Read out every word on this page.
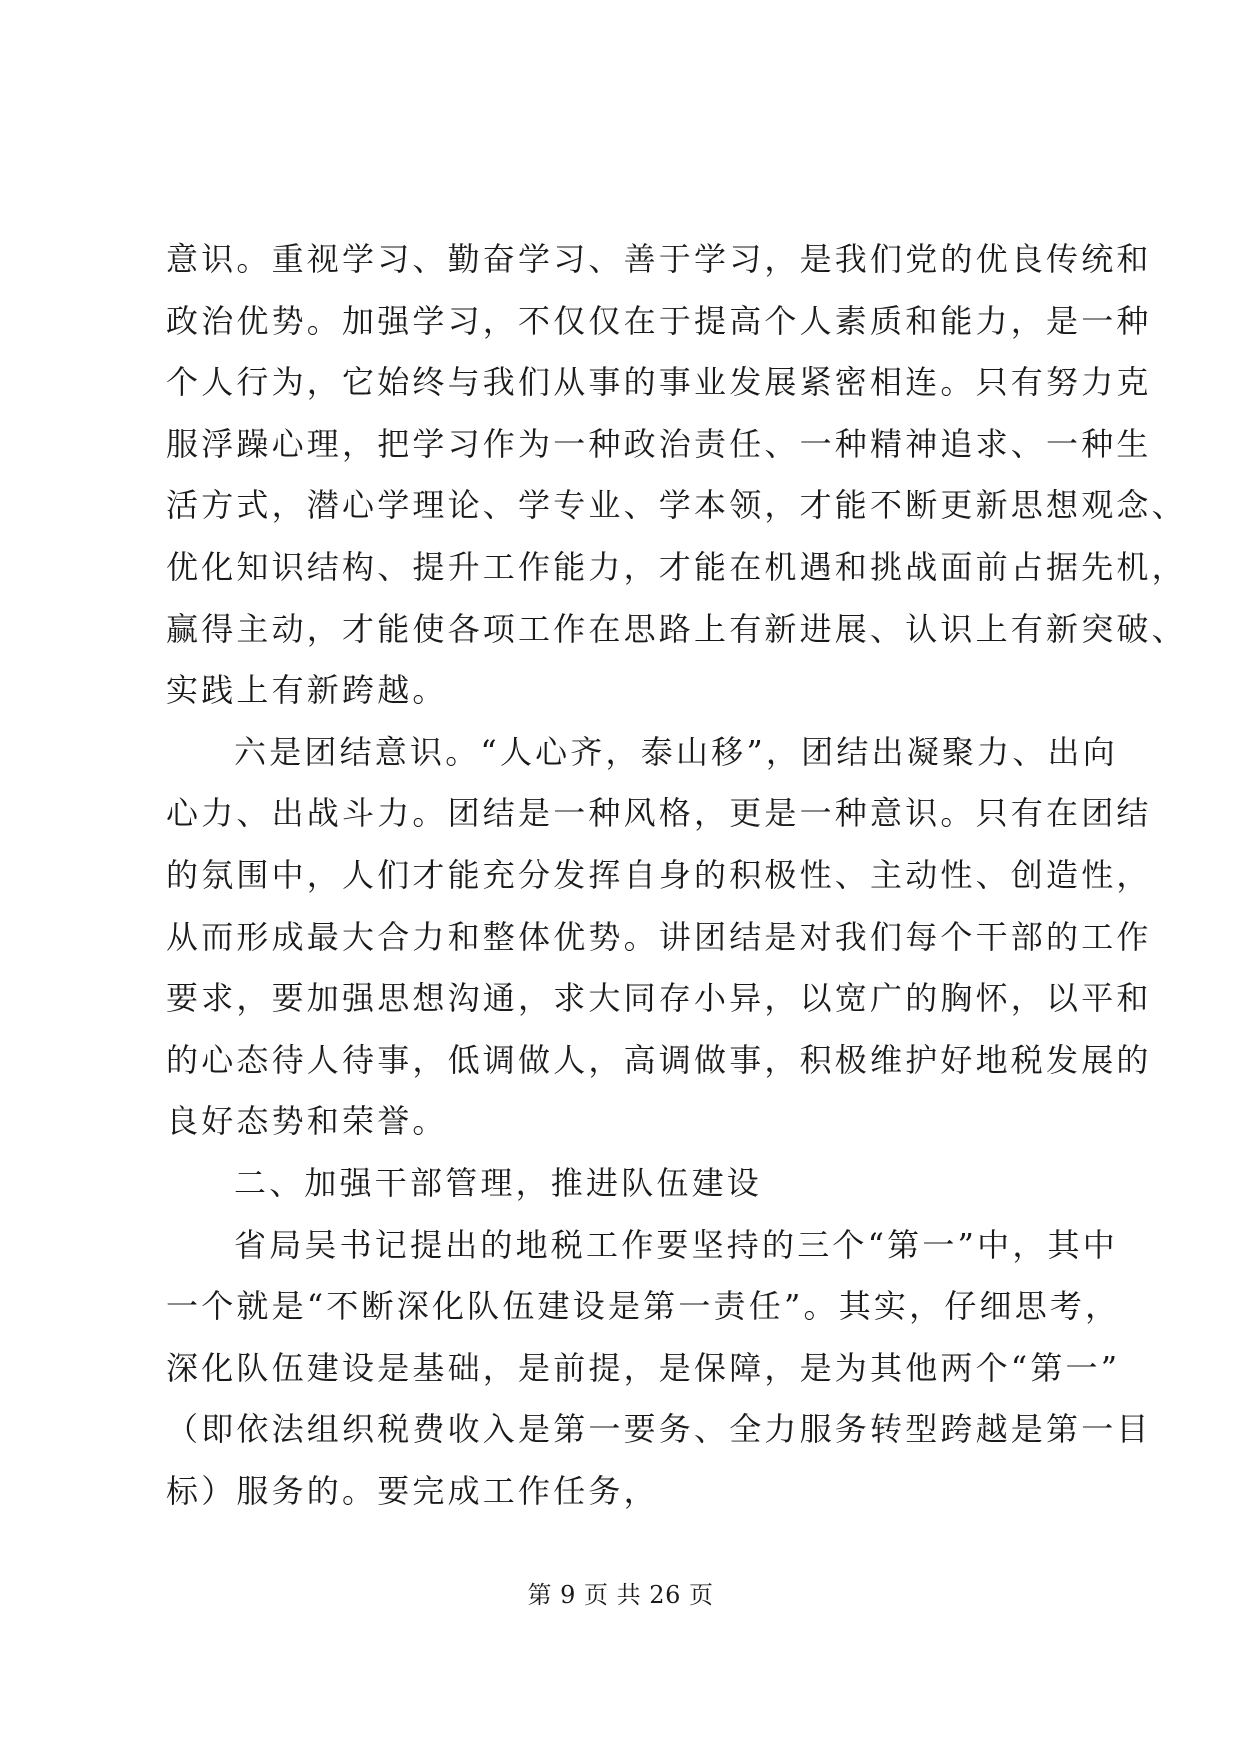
意识。重视学习、勤奋学习、善于学习，是我们党的优良传统和
政治优势。加强学习，不仅仅在于提高个人素质和能力，是一种
个人行为，它始终与我们从事的事业发展紧密相连。只有努力克
服浮躁心理，把学习作为一种政治责任、一种精神追求、一种生
活方式，潜心学理论、学专业、学本领，才能不断更新思想观念、
优化知识结构、提升工作能力，才能在机遇和挑战面前占据先机，
赢得主动，才能使各项工作在思路上有新进展、认识上有新突破、
实践上有新跨越。
六是团结意识。“人心齐，泰山移”，团结出凝聚力、出向
心力、出战斗力。团结是一种风格，更是一种意识。只有在团结
的氛围中，人们才能充分发挥自身的积极性、主动性、创造性，
从而形成最大合力和整体优势。讲团结是对我们每个干部的工作
要求，要加强思想沟通，求大同存小异，以宽广的胸怀，以平和
的心态待人待事，低调做人，高调做事，积极维护好地税发展的
良好态势和荣誉。
二、加强干部管理，推进队伍建设
省局吴书记提出的地税工作要坚持的三个“第一”中，其中
一个就是“不断深化队伍建设是第一责任”。其实，仔细思考，
深化队伍建设是基础，是前提，是保障，是为其他两个“第一”
（即依法组织税费收入是第一要务、全力服务转型跨越是第一目
标）服务的。要完成工作任务，
第 9 页 共 26 页
